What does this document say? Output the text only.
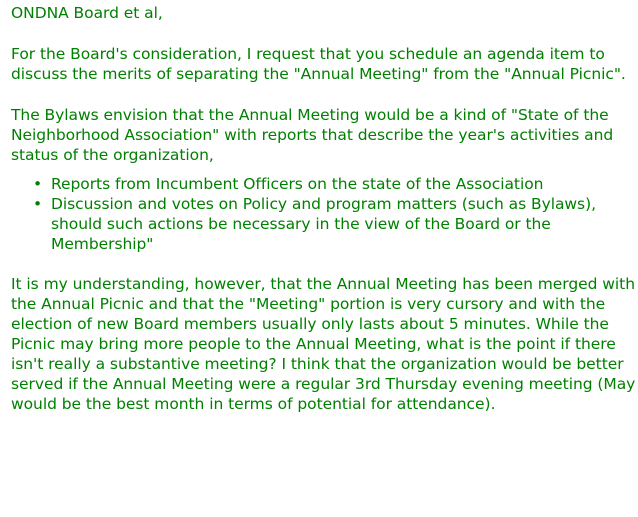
ONDNA Board et al,

For the Board's consideration, I request that you schedule an agenda item to discuss the merits of separating the "Annual Meeting" from the "Annual Picnic".

The Bylaws envision that the Annual Meeting would be a kind of "State of the Neighborhood Association" with reports that describe the year's activities and status of the organization,

• Reports from Incumbent Officers on the state of the Association
• Discussion and votes on Policy and program matters (such as Bylaws), should such actions be necessary in the view of the Board or the Membership"

It is my understanding, however, that the Annual Meeting has been merged with the Annual Picnic and that the "Meeting" portion is very cursory and with the election of new Board members usually only lasts about 5 minutes. While the Picnic may bring more people to the Annual Meeting, what is the point if there isn't really a substantive meeting? I think that the organization would be better served if the Annual Meeting were a regular 3rd Thursday evening meeting (May would be the best month in terms of potential for attendance).
